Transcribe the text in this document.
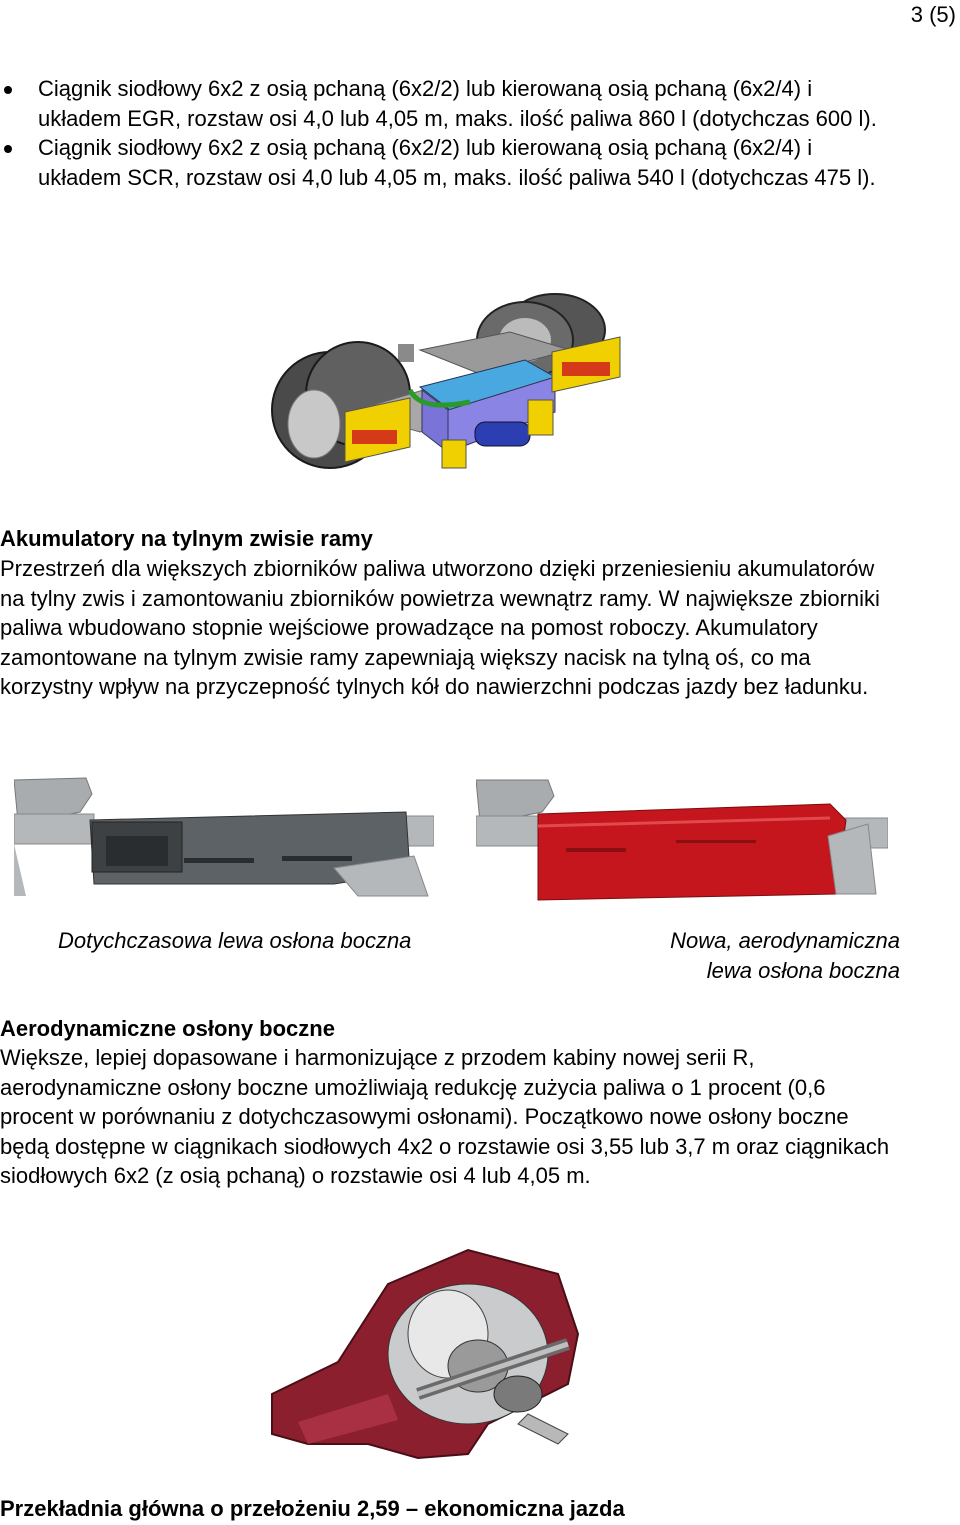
3 (5)
Ciągnik siodłowy 6x2 z osią pchaną (6x2/2) lub kierowaną osią pchaną (6x2/4) i układem EGR, rozstaw osi 4,0 lub 4,05 m, maks. ilość paliwa 860 l (dotychczas 600 l).
Ciągnik siodłowy 6x2 z osią pchaną (6x2/2) lub kierowaną osią pchaną (6x2/4) i układem SCR, rozstaw osi 4,0 lub 4,05 m, maks. ilość paliwa 540 l (dotychczas 475 l).

Akumulatory na tylnym zwisie ramy

Przestrzeń dla większych zbiorników paliwa utworzono dzięki przeniesieniu akumulatorów na tylny zwis i zamontowaniu zbiorników powietrza wewnątrz ramy. W największe zbiorniki paliwa wbudowano stopnie wejściowe prowadzące na pomost roboczy. Akumulatory zamontowane na tylnym zwisie ramy zapewniają większy nacisk na tylną oś, co ma korzystny wpływ na przyczepność tylnych kół do nawierzchni podczas jazdy bez ładunku.

Dotychczasowa lewa osłona boczna	Nowa, aerodynamiczna
lewa osłona boczna

Aerodynamiczne osłony boczne

Większe, lepiej dopasowane i harmonizujące z przodem kabiny nowej serii R, aerodynamiczne osłony boczne umożliwiają redukcję zużycia paliwa o 1 procent (0,6 procent w porównaniu z dotychczasowymi osłonami). Początkowo nowe osłony boczne będą dostępne w ciągnikach siodłowych 4x2 o rozstawie osi 3,55 lub 3,7 m oraz ciągnikach siodłowych 6x2 (z osią pchaną) o rozstawie osi 4 lub 4,05 m.

Przekładnia główna o przełożeniu 2,59 – ekonomiczna jazda
